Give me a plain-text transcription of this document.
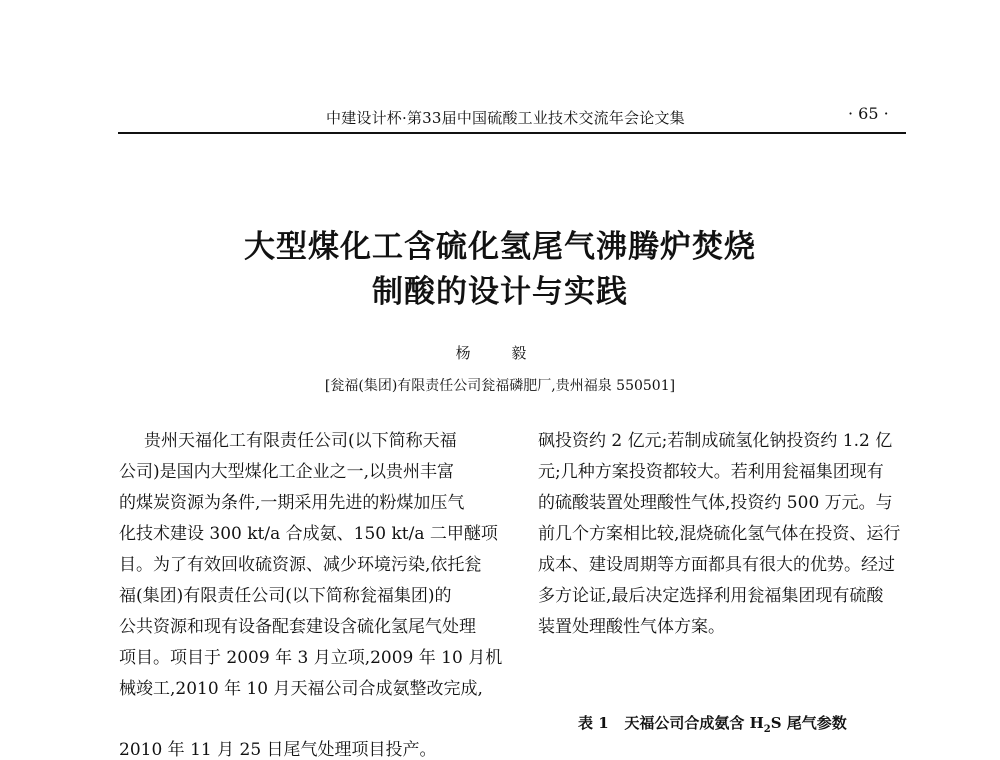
中建设计杯·第33届中国硫酸工业技术交流年会论文集	· 65 ·
大型煤化工含硫化氢尾气沸腾炉焚烧
制酸的设计与实践
杨 毅
[瓮福(集团)有限责任公司瓮福磷肥厂,贵州福泉 550501]
贵州天福化工有限责任公司(以下简称天福
公司)是国内大型煤化工企业之一,以贵州丰富
的煤炭资源为条件,一期采用先进的粉煤加压气
化技术建设 300 kt/a 合成氨、150 kt/a 二甲醚项
目。为了有效回收硫资源、减少环境污染,依托瓮
福(集团)有限责任公司(以下简称瓮福集团)的
公共资源和现有设备配套建设含硫化氢尾气处理
项目。项目于 2009 年 3 月立项,2009 年 10 月机
械竣工,2010 年 10 月天福公司合成氨整改完成,
2010 年 11 月 25 日尾气处理项目投产。
砜投资约 2 亿元;若制成硫氢化钠投资约 1.2 亿
元;几种方案投资都较大。若利用瓮福集团现有
的硫酸装置处理酸性气体,投资约 500 万元。与
前几个方案相比较,混烧硫化氢气体在投资、运行
成本、建设周期等方面都具有很大的优势。经过
多方论证,最后决定选择利用瓮福集团现有硫酸
装置处理酸性气体方案。
表 1 天福公司合成氨含 $H_2S$ 尾气参数
